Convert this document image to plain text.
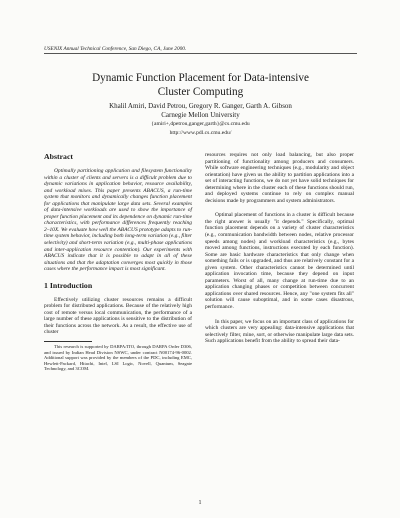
USENIX Annual Technical Conference, San Diego, CA, June 2000.
Dynamic Function Placement for Data-intensive
Cluster Computing
Khalil Amiri, David Petrou, Gregory R. Ganger, Garth A. Gibson
Carnegie Mellon University
{amiri+,dpetrou,ganger,garth}@cs.cmu.edu
http://www.pdl.cs.cmu.edu/
Abstract

Optimally partitioning application and filesystem functionality within a cluster of clients and servers is a difficult problem due to dynamic variations in application behavior, resource availability, and workload mixes. This paper presents ABACUS, a run-time system that monitors and dynamically changes function placement for applications that manipulate large data sets. Several examples of data-intensive workloads are used to show the importance of proper function placement and its dependence on dynamic run-time characteristics, with performance differences frequently reaching 2–10X. We evaluate how well the ABACUS prototype adapts to run-time system behavior, including both long-term variation (e.g., filter selectivity) and short-term variation (e.g., multi-phase applications and inter-application resource contention). Our experiments with ABACUS indicate that it is possible to adapt in all of these situations and that the adaptation converges most quickly in those cases where the performance impact is most significant.

1 Introduction

Effectively utilizing cluster resources remains a difficult problem for distributed applications. Because of the relatively high cost of remote versus local communication, the performance of a large number of these applications is sensitive to the distribution of their functions across the network. As a result, the effective use of cluster

This research is supported by DARPA/ITO, through DARPA Order D306, and issued by Indian Head Division NSWC, under contract N00174-96-0002. Additional support was provided by the members of the PDC, including EMC, Hewlett-Packard, Hitachi, Intel, LSI Logic, Novell, Quantum, Seagate Technology, and 3COM.

resources requires not only load balancing, but also proper partitioning of functionality among producers and consumers. While software engineering techniques (e.g., modularity and object orientation) have given us the ability to partition applications into a set of interacting functions, we do not yet have solid techniques for determining where in the cluster each of these functions should run, and deployed systems continue to rely on complex manual decisions made by programmers and system administrators.

Optimal placement of functions in a cluster is difficult because the right answer is usually "it depends." Specifically, optimal function placement depends on a variety of cluster characteristics (e.g., communication bandwidth between nodes, relative processor speeds among nodes) and workload characteristics (e.g., bytes moved among functions, instructions executed by each function). Some are basic hardware characteristics that only change when something fails or is upgraded, and thus are relatively constant for a given system. Other characteristics cannot be determined until application invocation time, because they depend on input parameters. Worst of all, many change at run-time due to an application changing phases or competition between concurrent applications over shared resources. Hence, any "one system fits all" solution will cause suboptimal, and in some cases disastrous, performance.

In this paper, we focus on an important class of applications for which clusters are very appealing: data-intensive applications that selectively filter, mine, sort, or otherwise manipulate large data sets. Such applications benefit from the ability to spread their data-

1
